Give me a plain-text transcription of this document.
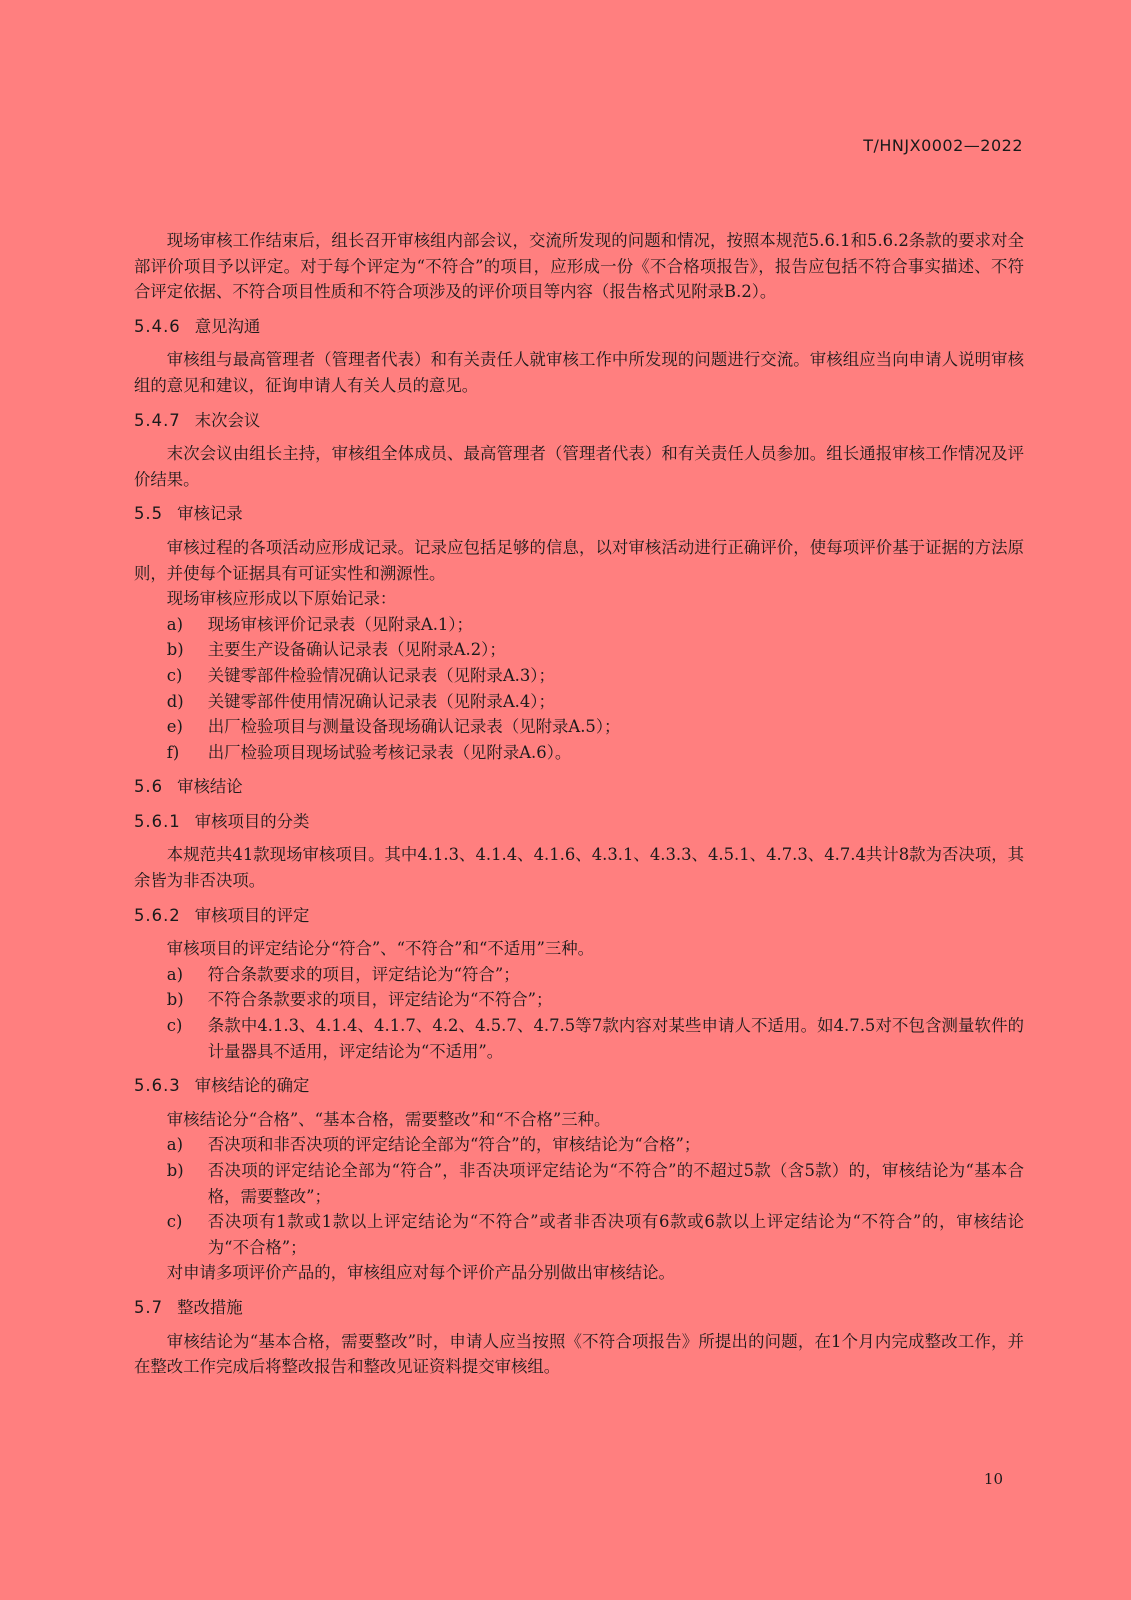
T/HNJX0002—2022

现场审核工作结束后，组长召开审核组内部会议，交流所发现的问题和情况，按照本规范5.6.1和5.6.2条款的要求对全部评价项目予以评定。对于每个评定为“不符合”的项目，应形成一份《不合格项报告》，报告应包括不符合事实描述、不符合评定依据、不符合项目性质和不符合项涉及的评价项目等内容（报告格式见附录B.2）。

5.4.6 意见沟通

审核组与最高管理者（管理者代表）和有关责任人就审核工作中所发现的问题进行交流。审核组应当向申请人说明审核组的意见和建议，征询申请人有关人员的意见。

5.4.7 末次会议

末次会议由组长主持，审核组全体成员、最高管理者（管理者代表）和有关责任人员参加。组长通报审核工作情况及评价结果。

5.5 审核记录

审核过程的各项活动应形成记录。记录应包括足够的信息，以对审核活动进行正确评价，使每项评价基于证据的方法原则，并使每个证据具有可证实性和溯源性。

现场审核应形成以下原始记录：

a) 现场审核评价记录表（见附录A.1）；
b) 主要生产设备确认记录表（见附录A.2）；
c) 关键零部件检验情况确认记录表（见附录A.3）；
d) 关键零部件使用情况确认记录表（见附录A.4）；
e) 出厂检验项目与测量设备现场确认记录表（见附录A.5）；
f) 出厂检验项目现场试验考核记录表（见附录A.6）。
5.6 审核结论
5.6.1 审核项目的分类

本规范共41款现场审核项目。其中4.1.3、4.1.4、4.1.6、4.3.1、4.3.3、4.5.1、4.7.3、4.7.4共计8款为否决项，其余皆为非否决项。

5.6.2 审核项目的评定

审核项目的评定结论分“符合”、“不符合”和“不适用”三种。

a) 符合条款要求的项目，评定结论为“符合”；
b) 不符合条款要求的项目，评定结论为“不符合”；
c) 条款中4.1.3、4.1.4、4.1.7、4.2、4.5.7、4.7.5等7款内容对某些申请人不适用。如4.7.5对不包含测量软件的计量器具不适用，评定结论为“不适用”。
5.6.3 审核结论的确定

审核结论分“合格”、“基本合格，需要整改”和“不合格”三种。

a) 否决项和非否决项的评定结论全部为“符合”的，审核结论为“合格”；
b) 否决项的评定结论全部为“符合”，非否决项评定结论为“不符合”的不超过5款（含5款）的，审核结论为“基本合格，需要整改”；
c) 否决项有1款或1款以上评定结论为“不符合”或者非否决项有6款或6款以上评定结论为“不符合”的，审核结论为“不合格”；

对申请多项评价产品的，审核组应对每个评价产品分别做出审核结论。

5.7 整改措施

审核结论为“基本合格，需要整改”时，申请人应当按照《不符合项报告》所提出的问题，在1个月内完成整改工作，并在整改工作完成后将整改报告和整改见证资料提交审核组。

10
